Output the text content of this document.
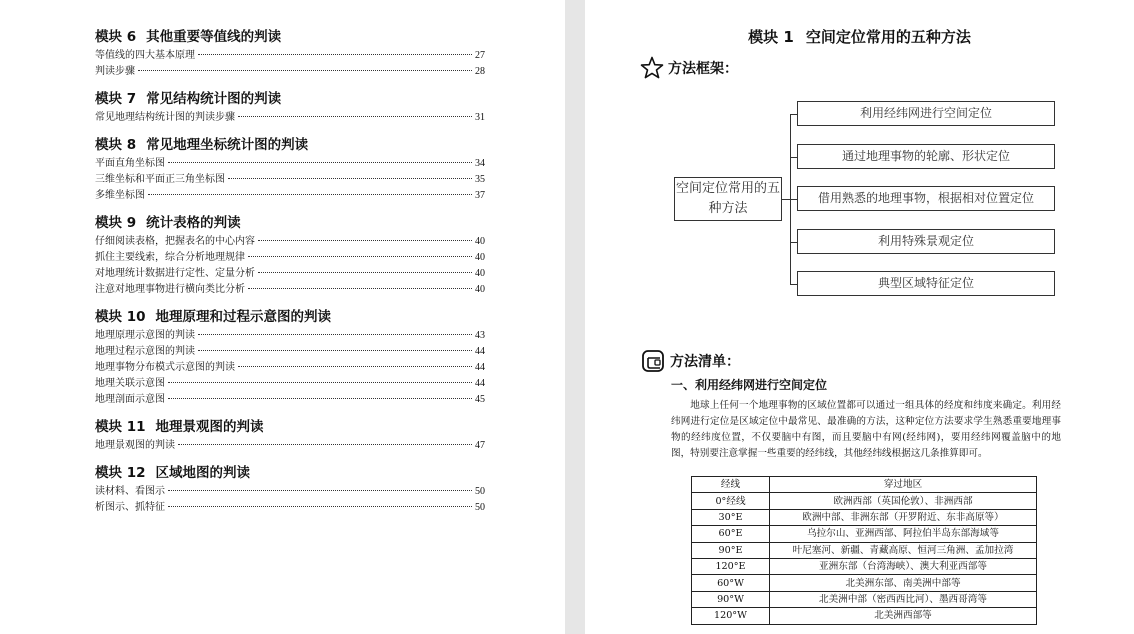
模块 6 其他重要等值线的判读
等值线的四大基本原理	27
判读步骤	28
模块 7 常见结构统计图的判读
常见地理结构统计图的判读步骤	31
模块 8 常见地理坐标统计图的判读
平面直角坐标图	34
三维坐标和平面正三角坐标图	35
多维坐标图	37
模块 9 统计表格的判读
仔细阅读表格，把握表名的中心内容	40
抓住主要线索，综合分析地理规律	40
对地理统计数据进行定性、定量分析	40
注意对地理事物进行横向类比分析	40
模块 10 地理原理和过程示意图的判读
地理原理示意图的判读	43
地理过程示意图的判读	44
地理事物分布模式示意图的判读	44
地理关联示意图	44
地理剖面示意图	45
模块 11 地理景观图的判读
地理景观图的判读	47
模块 12 区域地图的判读
读材料、看图示	50
析图示、抓特征	50
模块 1 空间定位常用的五种方法
方法框架：
空间定位常用的五种方法
利用经纬网进行空间定位
通过地理事物的轮廓、形状定位
借用熟悉的地理事物，根据相对位置定位
利用特殊景观定位
典型区域特征定位
方法清单：
一、利用经纬网进行空间定位
地球上任何一个地理事物的区域位置都可以通过一组具体的经度和纬度来确定。利用经纬网进行定位是区域定位中最常见、最准确的方法，这种定位方法要求学生熟悉重要地理事物的经纬度位置，不仅要脑中有图，而且要脑中有网(经纬网)，要用经纬网覆盖脑中的地图，特别要注意掌握一些重要的经纬线，其他经纬线根据这几条推算即可。
经线	穿过地区
0°经线	欧洲西部（英国伦敦）、非洲西部
30°E	欧洲中部、非洲东部（开罗附近、东非高原等）
60°E	乌拉尔山、亚洲西部、阿拉伯半岛东部海域等
90°E	叶尼塞河、新疆、青藏高原、恒河三角洲、孟加拉湾
120°E	亚洲东部（台湾海峡）、澳大利亚西部等
60°W	北美洲东部、南美洲中部等
90°W	北美洲中部（密西西比河）、墨西哥湾等
120°W	北美洲西部等
